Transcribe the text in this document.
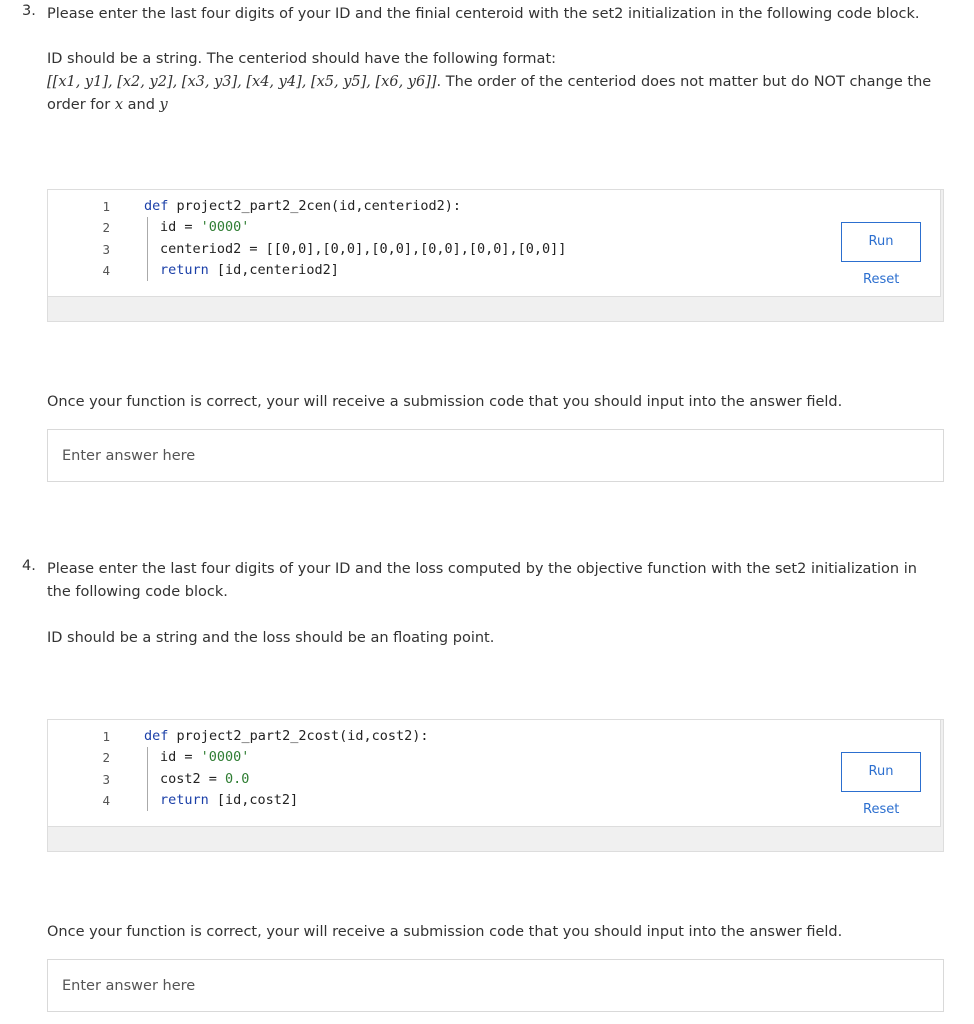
3. Please enter the last four digits of your ID and the finial centeroid with the set2 initialization in the following code block.
ID should be a string. The centeriod should have the following format:
[[x1, y1], [x2, y2], [x3, y3], [x4, y4], [x5, y5], [x6, y6]]. The order of the centeriod does not matter but do NOT change the
order for x and y
1
2
3
4
def project2_part2_2cen(id,centeriod2):
id = '0000'
centeriod2 = [[0,0],[0,0],[0,0],[0,0],[0,0],[0,0]]
return [id,centeriod2]
Run
Reset
Once your function is correct, your will receive a submission code that you should input into the answer field.
Enter answer here
4. Please enter the last four digits of your ID and the loss computed by the objective function with the set2 initialization in
the following code block.
ID should be a string and the loss should be an floating point.
1
2
3
4
def project2_part2_2cost(id,cost2):
id = '0000'
cost2 = 0.0
return [id,cost2]
Run
Reset
Once your function is correct, your will receive a submission code that you should input into the answer field.
Enter answer here
